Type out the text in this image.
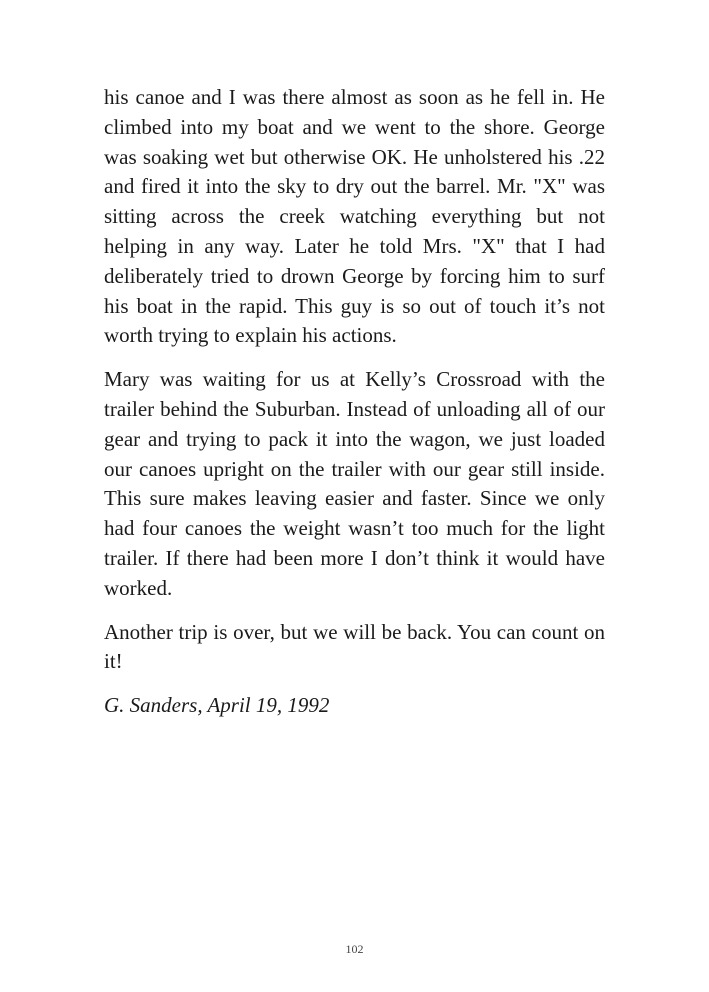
his canoe and I was there almost as soon as he fell in. He climbed into my boat and we went to the shore. George was soaking wet but otherwise OK. He unholstered his .22 and fired it into the sky to dry out the barrel. Mr. "X" was sitting across the creek watching everything but not helping in any way. Later he told Mrs. "X" that I had deliberately tried to drown George by forcing him to surf his boat in the rapid. This guy is so out of touch it’s not worth trying to explain his actions.

Mary was waiting for us at Kelly’s Crossroad with the trailer behind the Suburban. Instead of unloading all of our gear and trying to pack it into the wagon, we just loaded our canoes upright on the trailer with our gear still inside. This sure makes leaving easier and faster. Since we only had four canoes the weight wasn’t too much for the light trailer. If there had been more I don’t think it would have worked.

Another trip is over, but we will be back. You can count on it!

G. Sanders, April 19, 1992

102
